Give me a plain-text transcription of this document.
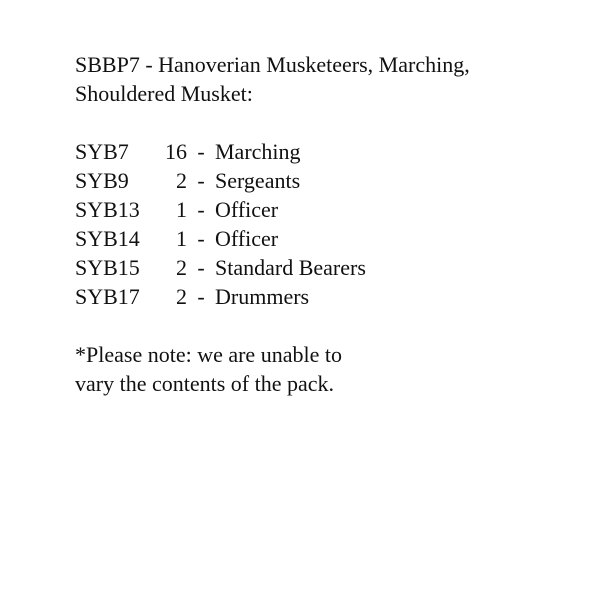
SBBP7 - Hanoverian Musketeers, Marching,
Shouldered Musket:
SYB7	16 - Marching
SYB9	2 - Sergeants
SYB13	1 - Officer
SYB14	1 - Officer
SYB15	2 - Standard Bearers
SYB17	2 - Drummers

*Please note: we are unable to
vary the contents of the pack.
